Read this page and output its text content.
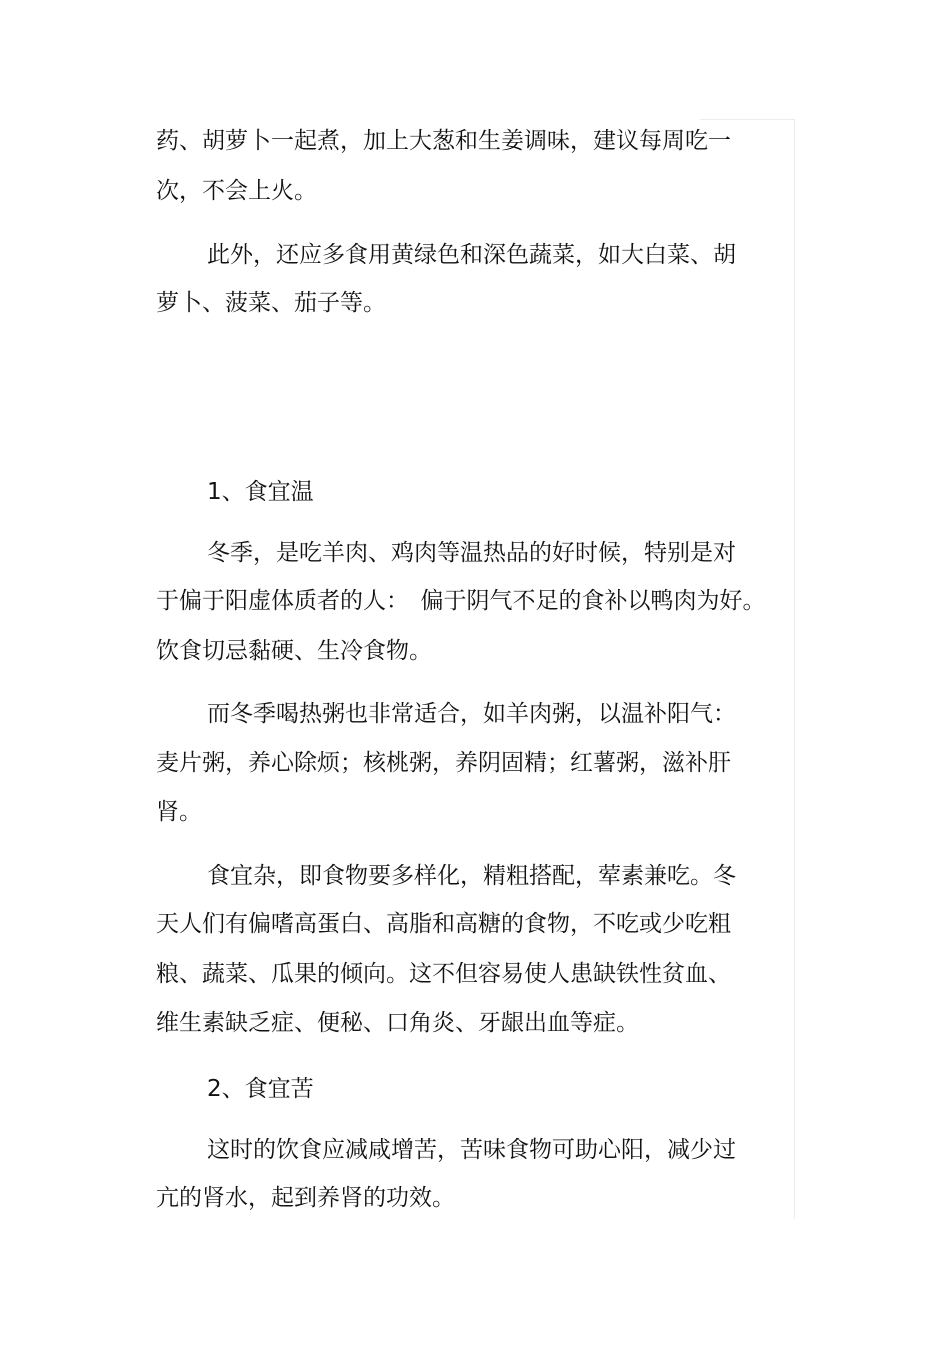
药、胡萝卜一起煮，加上大葱和生姜调味，建议每周吃一
次，不会上火。
此外，还应多食用黄绿色和深色蔬菜，如大白菜、胡
萝卜、菠菜、茄子等。
1、食宜温
冬季，是吃羊肉、鸡肉等温热品的好时候，特别是对
于偏于阳虚体质者的人：　偏于阴气不足的食补以鸭肉为好。
饮食切忌黏硬、生冷食物。
而冬季喝热粥也非常适合，如羊肉粥，以温补阳气：
麦片粥，养心除烦；核桃粥，养阴固精；红薯粥，滋补肝
肾。
食宜杂，即食物要多样化，精粗搭配，荤素兼吃。冬
天人们有偏嗜高蛋白、高脂和高糖的食物，不吃或少吃粗
粮、蔬菜、瓜果的倾向。这不但容易使人患缺铁性贫血、
维生素缺乏症、便秘、口角炎、牙龈出血等症。
2、食宜苦
这时的饮食应减咸增苦，苦味食物可助心阳，减少过
亢的肾水，起到养肾的功效。
